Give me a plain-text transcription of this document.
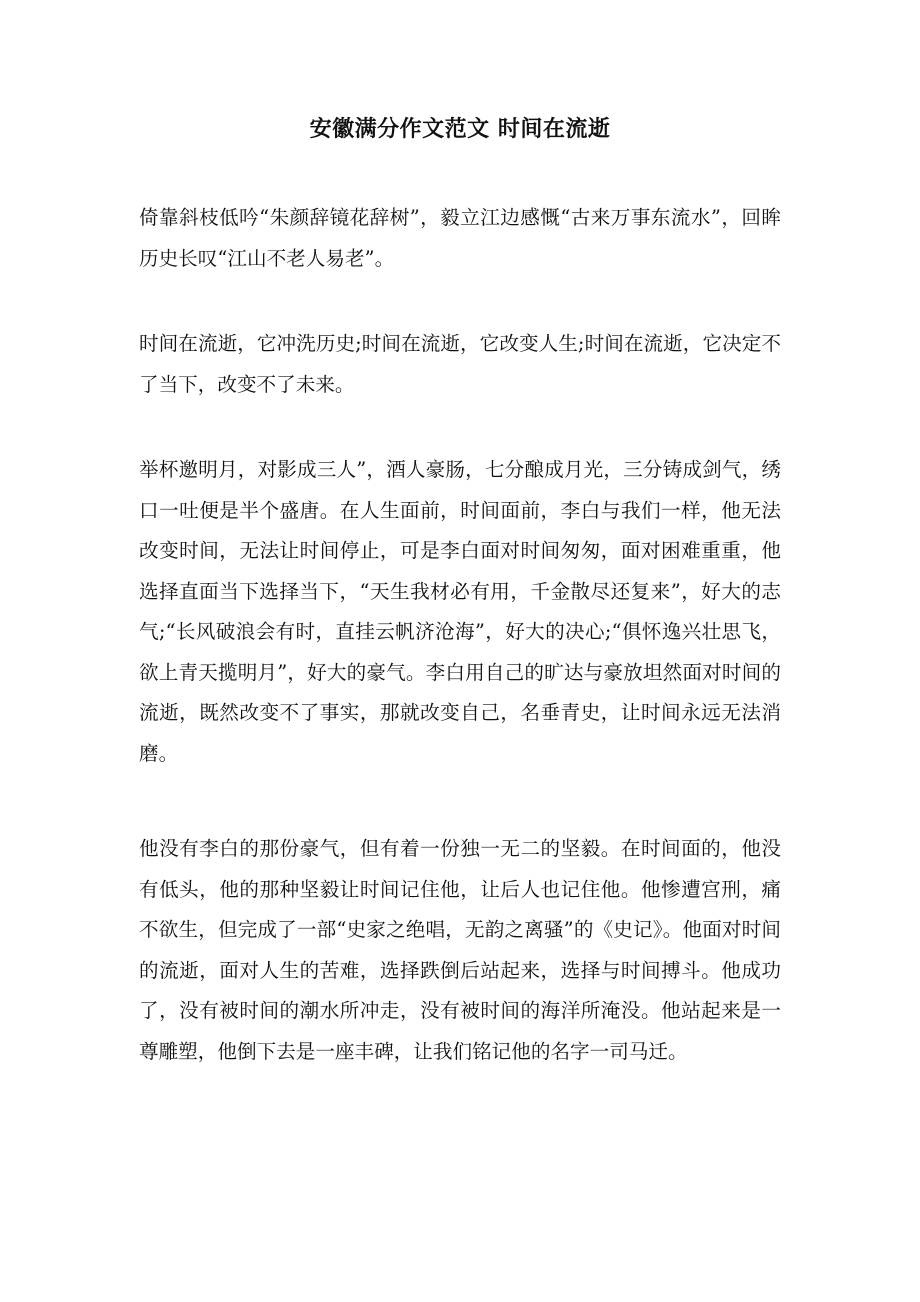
安徽满分作文范文 时间在流逝

倚靠斜枝低吟“朱颜辞镜花辞树”，毅立江边感慨“古来万事东流水”，回眸历史长叹“江山不老人易老”。

时间在流逝，它冲洗历史;时间在流逝，它改变人生;时间在流逝，它决定不了当下，改变不了未来。

举杯邀明月，对影成三人”，酒人豪肠，七分酿成月光，三分铸成剑气，绣口一吐便是半个盛唐。在人生面前，时间面前，李白与我们一样，他无法改变时间，无法让时间停止，可是李白面对时间匆匆，面对困难重重，他选择直面当下选择当下，“天生我材必有用，千金散尽还复来”，好大的志气;“长风破浪会有时，直挂云帆济沧海”，好大的决心;“俱怀逸兴壮思飞，欲上青天揽明月”，好大的豪气。李白用自己的旷达与豪放坦然面对时间的流逝，既然改变不了事实，那就改变自己，名垂青史，让时间永远无法消磨。

他没有李白的那份豪气，但有着一份独一无二的坚毅。在时间面的，他没有低头，他的那种坚毅让时间记住他，让后人也记住他。他惨遭宫刑，痛不欲生，但完成了一部“史家之绝唱，无韵之离骚”的《史记》。他面对时间的流逝，面对人生的苦难，选择跌倒后站起来，选择与时间搏斗。他成功了，没有被时间的潮水所冲走，没有被时间的海洋所淹没。他站起来是一尊雕塑，他倒下去是一座丰碑，让我们铭记他的名字一司马迁。
